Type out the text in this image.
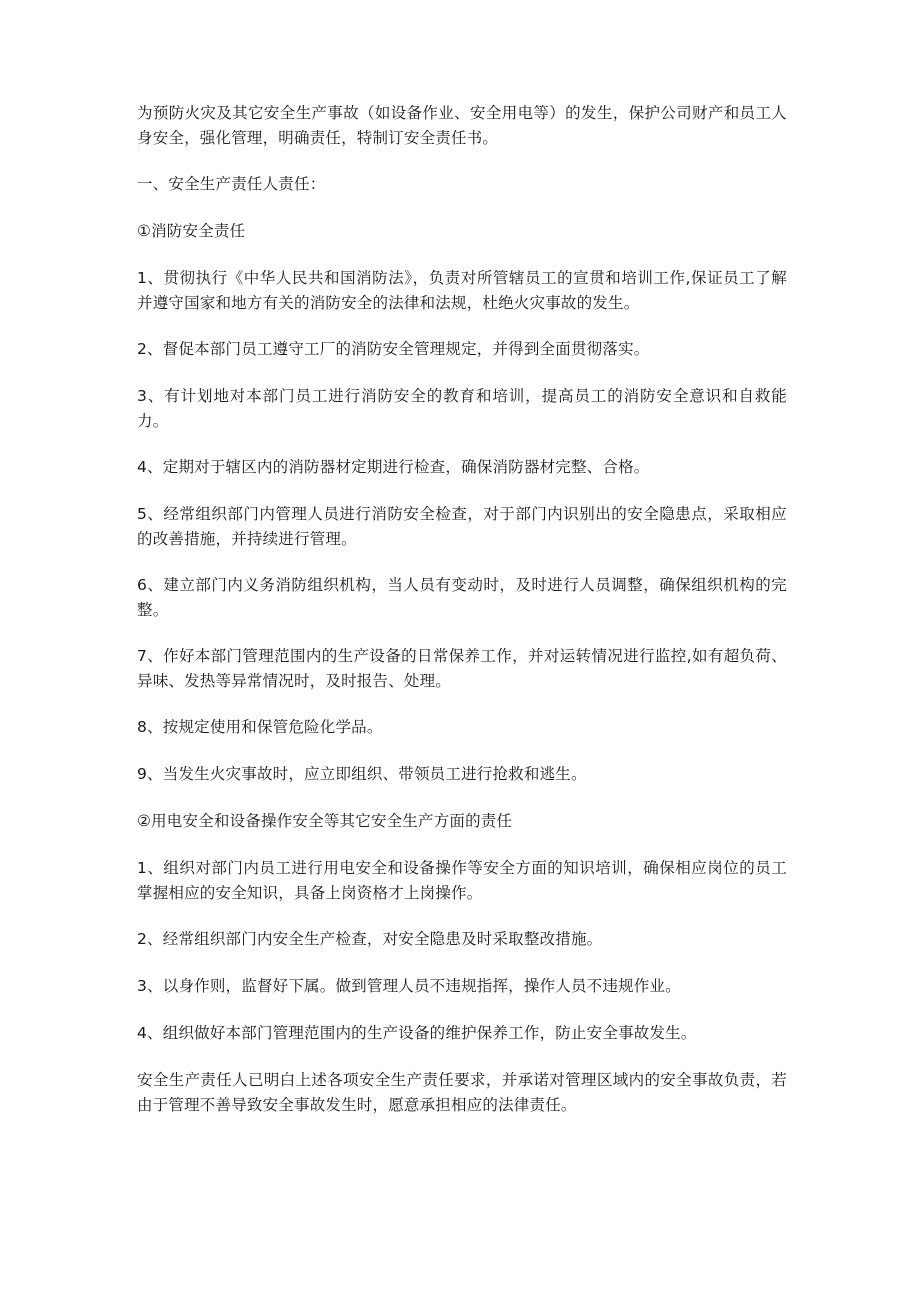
为预防火灾及其它安全生产事故（如设备作业、安全用电等）的发生，保护公司财产和员工人身安全，强化管理，明确责任，特制订安全责任书。

一、安全生产责任人责任：

①消防安全责任

1、贯彻执行《中华人民共和国消防法》，负责对所管辖员工的宣贯和培训工作,保证员工了解并遵守国家和地方有关的消防安全的法律和法规，杜绝火灾事故的发生。

2、督促本部门员工遵守工厂的消防安全管理规定，并得到全面贯彻落实。

3、有计划地对本部门员工进行消防安全的教育和培训，提高员工的消防安全意识和自救能力。

4、定期对于辖区内的消防器材定期进行检查，确保消防器材完整、合格。

5、经常组织部门内管理人员进行消防安全检查，对于部门内识别出的安全隐患点，采取相应的改善措施，并持续进行管理。

6、建立部门内义务消防组织机构，当人员有变动时，及时进行人员调整，确保组织机构的完整。

7、作好本部门管理范围内的生产设备的日常保养工作，并对运转情况进行监控,如有超负荷、异味、发热等异常情况时，及时报告、处理。

8、按规定使用和保管危险化学品。

9、当发生火灾事故时，应立即组织、带领员工进行抢救和逃生。

②用电安全和设备操作安全等其它安全生产方面的责任

1、组织对部门内员工进行用电安全和设备操作等安全方面的知识培训，确保相应岗位的员工掌握相应的安全知识，具备上岗资格才上岗操作。

2、经常组织部门内安全生产检查，对安全隐患及时采取整改措施。

3、以身作则，监督好下属。做到管理人员不违规指挥，操作人员不违规作业。

4、组织做好本部门管理范围内的生产设备的维护保养工作，防止安全事故发生。

安全生产责任人已明白上述各项安全生产责任要求，并承诺对管理区域内的安全事故负责，若由于管理不善导致安全事故发生时，愿意承担相应的法律责任。
